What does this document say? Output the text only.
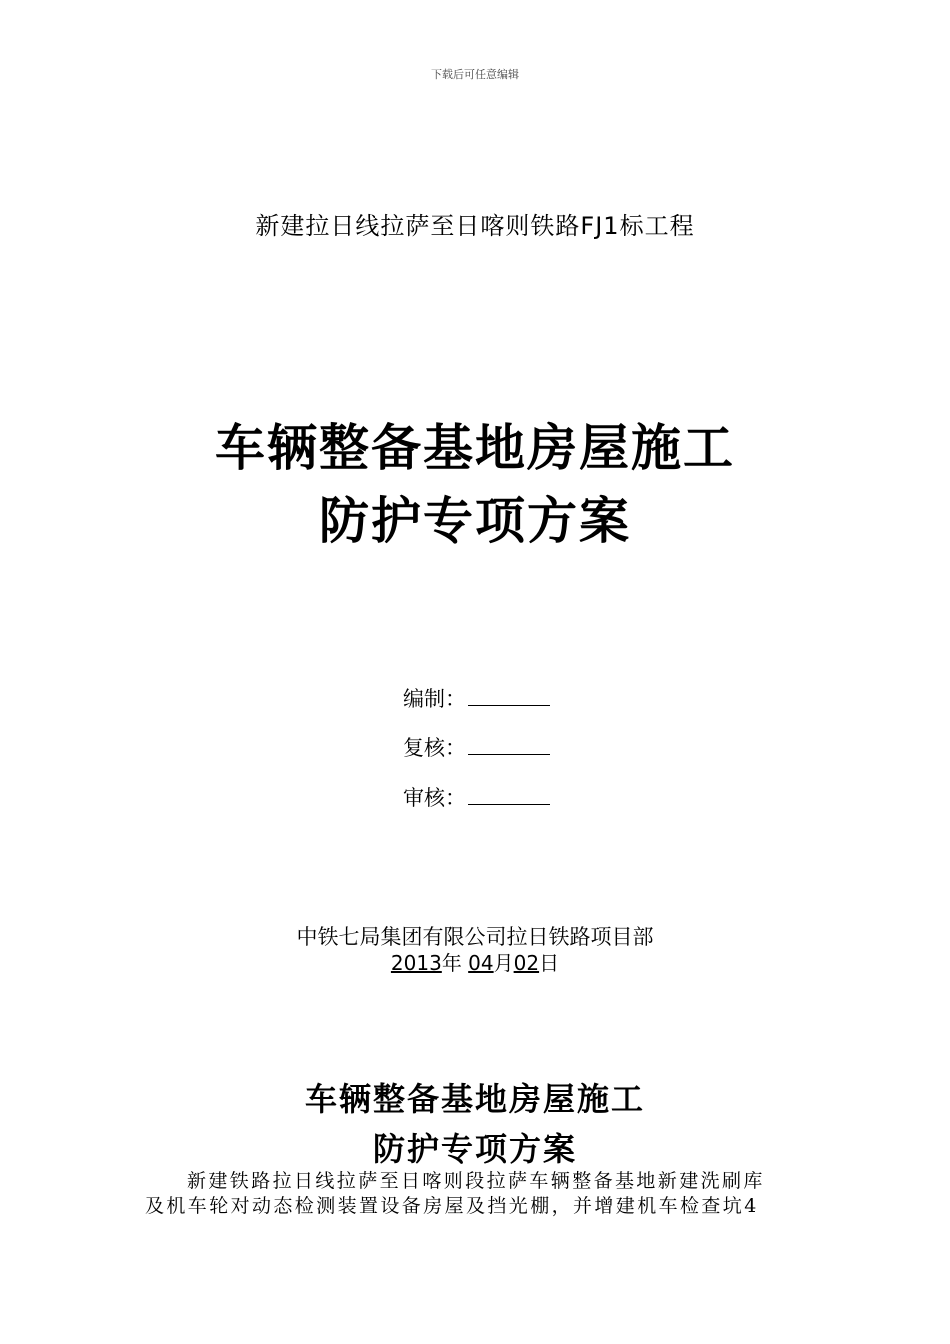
下载后可任意编辑
新建拉日线拉萨至日喀则铁路FJ1标工程
车辆整备基地房屋施工
防护专项方案
编制：
复核：
审核：
中铁七局集团有限公司拉日铁路项目部
2013年 04月02日
车辆整备基地房屋施工
防护专项方案
新建铁路拉日线拉萨至日喀则段拉萨车辆整备基地新建洗刷库
及机车轮对动态检测装置设备房屋及挡光棚，并增建机车检查坑4
